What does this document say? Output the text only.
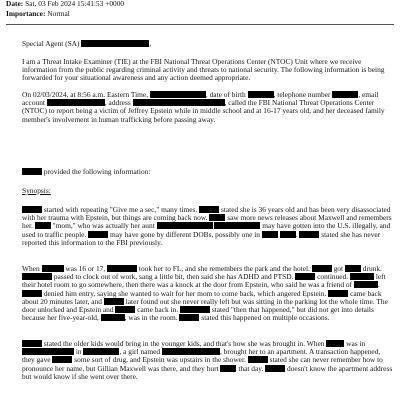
Date: Sat, 03 Feb 2024 15:41:53 +0000
Importance: Normal
Special Agent (SA)	,
I am a Threat Intake Examiner (TIE) at the FBI National Threat Operations Center (NTOC) Unit where we receive information from the public regarding criminal activity and threats to national security. The following information is being forwarded for your situational awareness and any action deemed appropriate.
On 02/03/2024, at 8:56 a.m. Eastern Time,	, date of birth	, telephone number	, email account	, address	, called the FBI National Threat Operations Center (NTOC) to report being a victim of Jeffrey Epstein while in middle school and at 16-17 years old, and her deceased family member's involvement in human trafficking before passing away.
provided the following information:
Synopsis:
started with repeating "Give me a sec," many times.	stated she is 36 years old and has been very disassociated with her trauma with Epstein, but things are coming back now.	saw more news releases about Maxwell and remembers her.	"mom," who was actually her aunt	may have gotten into the U.S. illegally, and used to traffic people.	may have gone by different DOBs, possibly one in	.	stated she has never reported this information to the FBI previously.
When	was 16 or 17,	took her to FL, and she remembers the park and the hotel.	got	drunk.  passed to clock out of work, sang a little bit, then said she has ADHD and PTSD.	continued.	left their hotel room to go somewhere, then there was a knock at the door from Epstein, who said he was a friend of	.  denied him entry, saying she wanted to wait for her mom to come back, which angered Epstein.	came back about 20 minutes later, and	later found out she never really left but was sitting in the parking lot the whole time. The door unlocked and Epstein and	came back in.	stated "then that happened," but did not get into details because her five-year-old,	, was in the room.	stated this happened on multiple occasions.
stated the older kids would bring in the younger kids, and that's how she was brought in. When	was in  in	, a girl named	, brought her to an apartment. A transaction happened, they gave	some sort of drug, and Epstein was upstairs in the shower.	stated she can never remember how to pronounce her name, but Gillian Maxwell was there, and they hurt	that day.	doesn't know the apartment address but would know if she went over there.
